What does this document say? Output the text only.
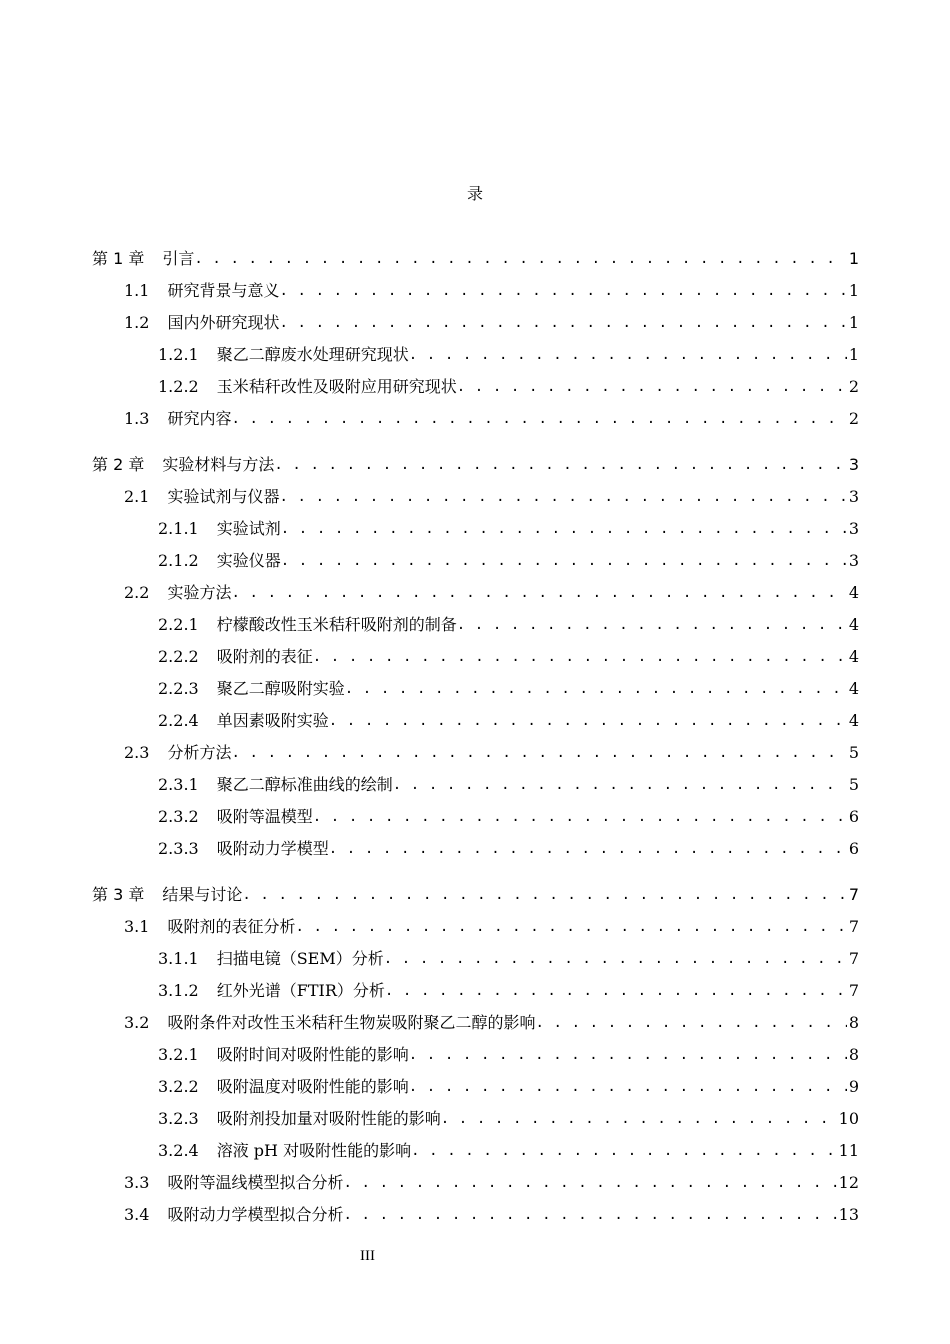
录
第 1 章	引言 . . .	1
1.1	研究背景与意义 . . .	1
1.2	国内外研究现状 . . .	1
1.2.1	聚乙二醇废水处理研究现状 . . .	1
1.2.2	玉米秸秆改性及吸附应用研究现状 . . .	2
1.3	研究内容 . . .	2
第 2 章	实验材料与方法 . . .	3
2.1	实验试剂与仪器 . . .	3
2.1.1	实验试剂 . . .	3
2.1.2	实验仪器 . . .	3
2.2	实验方法 . . .	4
2.2.1	柠檬酸改性玉米秸秆吸附剂的制备 . . .	4
2.2.2	吸附剂的表征 . . .	4
2.2.3	聚乙二醇吸附实验 . . .	4
2.2.4	单因素吸附实验 . . .	4
2.3	分析方法 . . .	5
2.3.1	聚乙二醇标准曲线的绘制 . . .	5
2.3.2	吸附等温模型 . . .	6
2.3.3	吸附动力学模型 . . .	6
第 3 章	结果与讨论 . . .	7
3.1	吸附剂的表征分析 . . .	7
3.1.1	扫描电镜（SEM）分析 . . .	7
3.1.2	红外光谱（FTIR）分析 . . .	7
3.2	吸附条件对改性玉米秸秆生物炭吸附聚乙二醇的影响 . . .	8
3.2.1	吸附时间对吸附性能的影响 . . .	8
3.2.2	吸附温度对吸附性能的影响 . . .	9
3.2.3	吸附剂投加量对吸附性能的影响 . . .	10
3.2.4	溶液 pH 对吸附性能的影响 . . .	11
3.3	吸附等温线模型拟合分析 . . .	12
3.4	吸附动力学模型拟合分析 . . .	13
III
